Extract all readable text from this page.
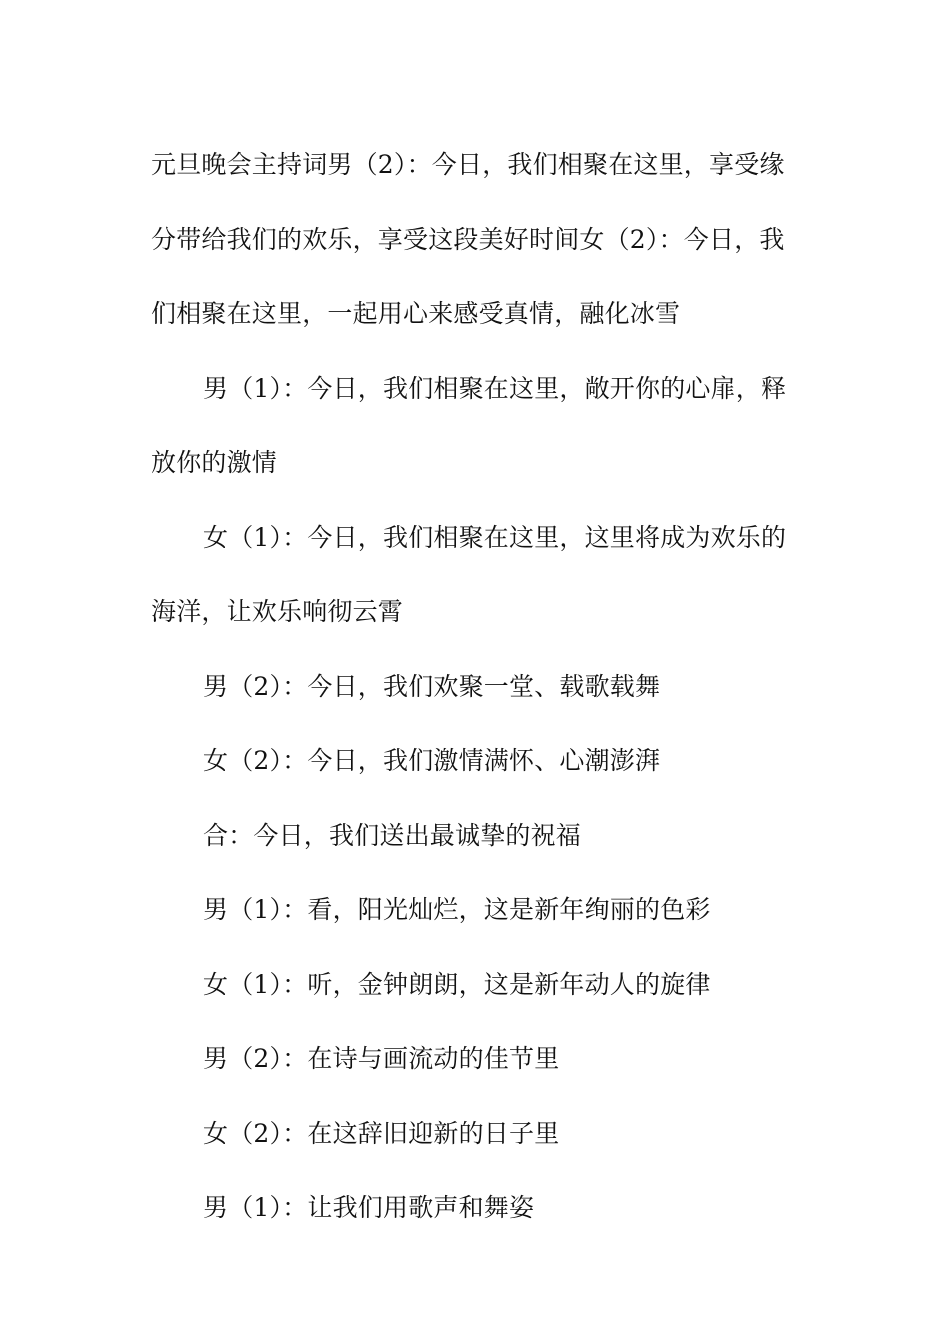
元旦晚会主持词男（2）：今日，我们相聚在这里，享受缘分带给我们的欢乐，享受这段美好时间女（2）：今日，我们相聚在这里，一起用心来感受真情，融化冰雪

男（1）：今日，我们相聚在这里，敞开你的心扉，释放你的激情

女（1）：今日，我们相聚在这里，这里将成为欢乐的海洋，让欢乐响彻云霄

男（2）：今日，我们欢聚一堂、载歌载舞

女（2）：今日，我们激情满怀、心潮澎湃

合：今日，我们送出最诚挚的祝福

男（1）：看，阳光灿烂，这是新年绚丽的色彩

女（1）：听，金钟朗朗，这是新年动人的旋律

男（2）：在诗与画流动的佳节里

女（2）：在这辞旧迎新的日子里

男（1）：让我们用歌声和舞姿
